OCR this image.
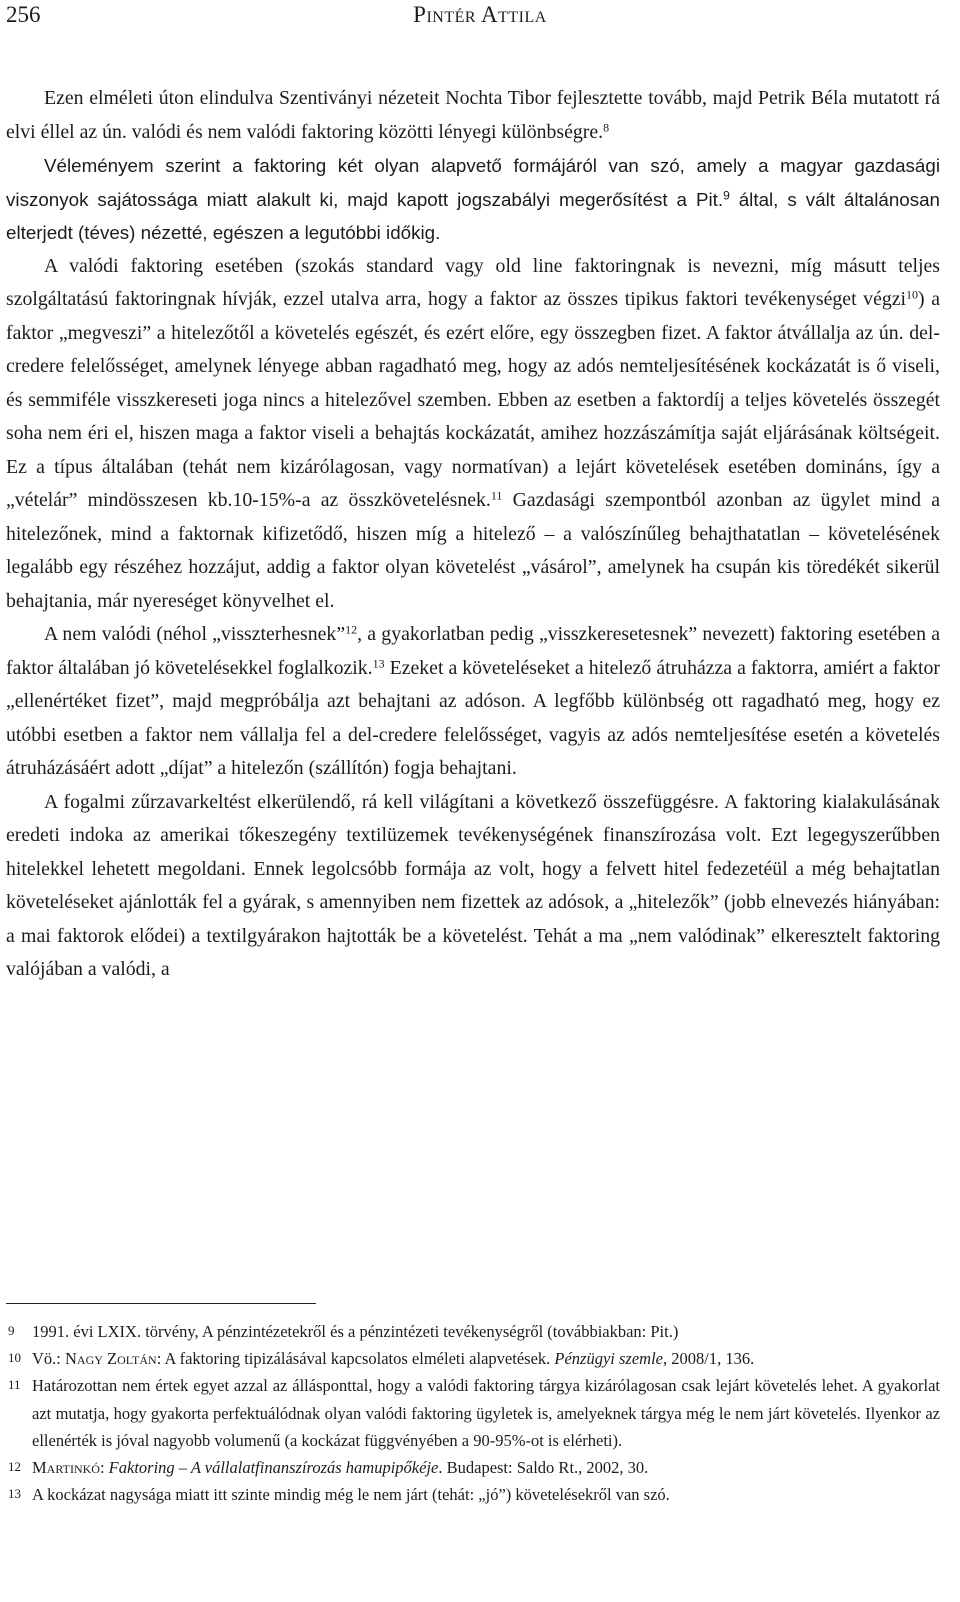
256	Pintér Attila

Ezen elméleti úton elindulva Szentiványi nézeteit Nochta Tibor fejlesztette tovább, majd Petrik Béla mutatott rá elvi éllel az ún. valódi és nem valódi faktoring közötti lényegi különbségre.$^8$

Véleményem szerint a faktoring két olyan alapvető formájáról van szó, amely a magyar gazdasági viszonyok sajátossága miatt alakult ki, majd kapott jogszabályi megerősítést a Pit.$^9$ által, s vált általánosan elterjedt (téves) nézetté, egészen a legutóbbi időkig.

A valódi faktoring esetében (szokás standard vagy old line faktoringnak is nevezni, míg másutt teljes szolgáltatású faktoringnak hívják, ezzel utalva arra, hogy a faktor az összes tipikus faktori tevékenységet végzi$^{10}$) a faktor „megveszi” a hitelezőtől a követelés egészét, és ezért előre, egy összegben fizet. A faktor átvállalja az ún. delcredere felelősséget, amelynek lényege abban ragadható meg, hogy az adós nemteljesítésének kockázatát is ő viseli, és semmiféle visszkereseti joga nincs a hitelezővel szemben. Ebben az esetben a faktordíj a teljes követelés összegét soha nem éri el, hiszen maga a faktor viseli a behajtás kockázatát, amihez hozzászámítja saját eljárásának költségeit. Ez a típus általában (tehát nem kizárólagosan, vagy normatívan) a lejárt követelések esetében domináns, így a „vételár” mindösszesen kb.10-15%-a az összkövetelésnek.$^{11}$ Gazdasági szempontból azonban az ügylet mind a hitelezőnek, mind a faktornak kifizetődő, hiszen míg a hitelező – a valószínűleg behajthatatlan – követelésének legalább egy részéhez hozzájut, addig a faktor olyan követelést „vásárol”, amelynek ha csupán kis töredékét sikerül behajtania, már nyereséget könyvelhet el.

A nem valódi (néhol „visszterhesnek”$^{12}$, a gyakorlatban pedig „visszkeresetesnek” nevezett) faktoring esetében a faktor általában jó követelésekkel foglalkozik.$^{13}$ Ezeket a követeléseket a hitelező átruházza a faktorra, amiért a faktor „ellenértéket fizet”, majd megpróbálja azt behajtani az adóson. A legfőbb különbség ott ragadható meg, hogy ez utóbbi esetben a faktor nem vállalja fel a del-credere felelősséget, vagyis az adós nemteljesítése esetén a követelés átruházásáért adott „díjat” a hitelezőn (szállítón) fogja behajtani.

A fogalmi zűrzavarkeltést elkerülendő, rá kell világítani a következő összefüggésre. A faktoring kialakulásának eredeti indoka az amerikai tőkeszegény textilüzemek tevékenységének finanszírozása volt. Ezt legegyszerűbben hitelekkel lehetett megoldani. Ennek legolcsóbb formája az volt, hogy a felvett hitel fedezetéül a még behajtatlan követeléseket ajánlották fel a gyárak, s amennyiben nem fizettek az adósok, a „hitelezők” (jobb elnevezés hiányában: a mai faktorok elődei) a textilgyárakon hajtották be a követelést. Tehát a ma „nem valódinak” elkeresztelt faktoring valójában a valódi, a

9 1991. évi LXIX. törvény, A pénzintézetekről és a pénzintézeti tevékenységről (továbbiakban: Pit.)
10 Vö.: Nagy Zoltán: A faktoring tipizálásával kapcsolatos elméleti alapvetések. Pénzügyi szemle, 2008/1, 136.
11 Határozottan nem értek egyet azzal az állásponttal, hogy a valódi faktoring tárgya kizárólagosan csak lejárt követelés lehet. A gyakorlat azt mutatja, hogy gyakorta perfektuálódnak olyan valódi faktoring ügyletek is, amelyeknek tárgya még le nem járt követelés. Ilyenkor az ellenérték is jóval nagyobb volumenű (a kockázat függvényében a 90-95%-ot is elérheti).
12 Martinkó: Faktoring – A vállalatfinanszírozás hamupipőkéje. Budapest: Saldo Rt., 2002, 30.
13 A kockázat nagysága miatt itt szinte mindig még le nem járt (tehát: „jó”) követelésekről van szó.
